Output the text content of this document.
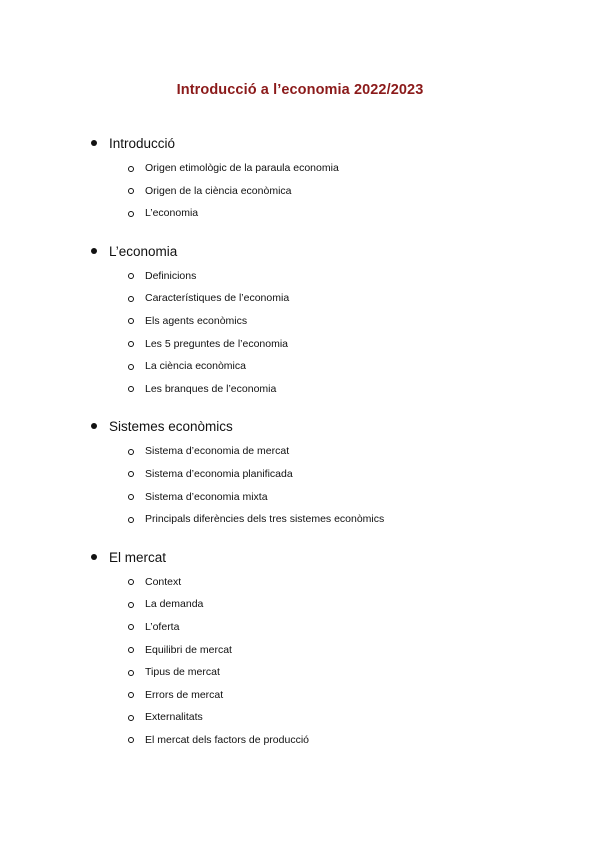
Introducció a l’economia 2022/2023
Introducció
Origen etimològic de la paraula economia
Origen de la ciència econòmica
L’economia
L’economia
Definicions
Característiques de l’economia
Els agents econòmics
Les 5 preguntes de l’economia
La ciència econòmica
Les branques de l’economia
Sistemes econòmics
Sistema d’economia de mercat
Sistema d’economia planificada
Sistema d’economia mixta
Principals diferències dels tres sistemes econòmics
El mercat
Context
La demanda
L’oferta
Equilibri de mercat
Tipus de mercat
Errors de mercat
Externalitats
El mercat dels factors de producció
